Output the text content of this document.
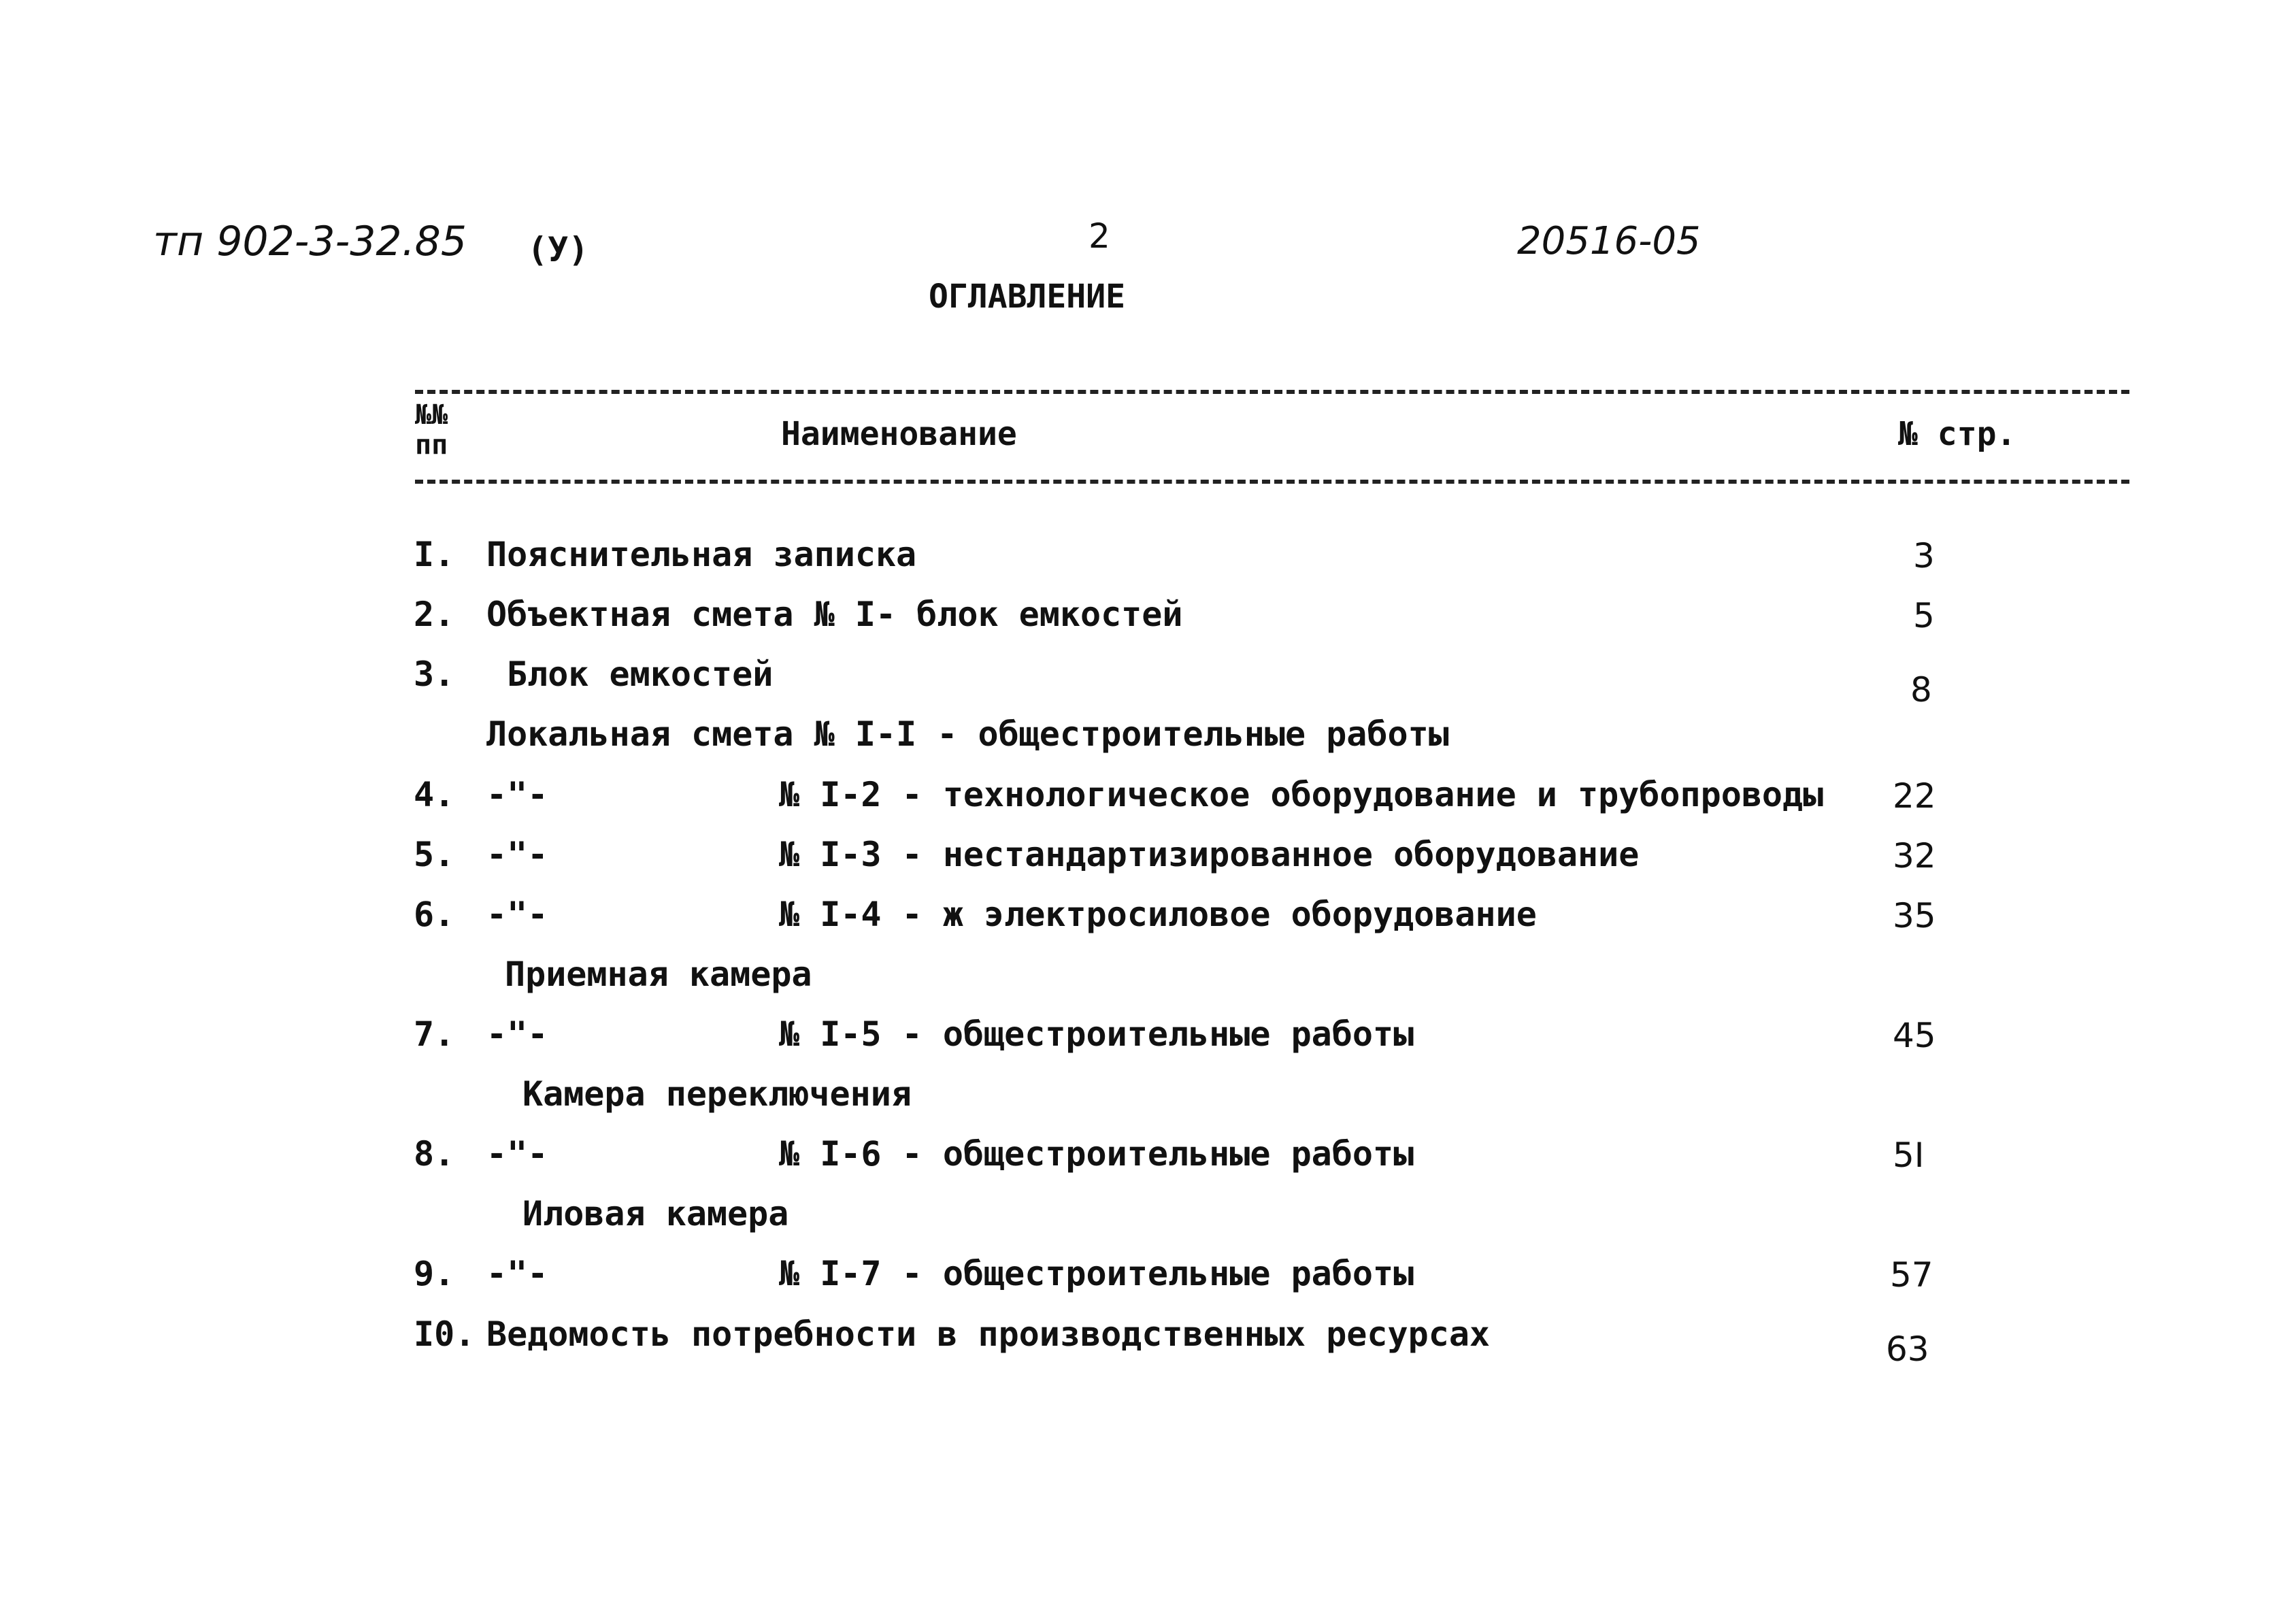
тп 902-3-32.85 (У)	2	20516-05
ОГЛАВЛЕНИЕ
№№
пп	Наименование	№ стр.
I. Пояснительная записка	3
2. Объектная смета № I- блок емкостей	5
3. Блок емкостей	8
Локальная смета № I-I - общестроительные работы
4. -"-	№ I-2 - технологическое оборудование и трубопроводы 22
5. -"-	№ I-3 - нестандартизированное оборудование	32
6. -"-	№ I-4 - ж электросиловое оборудование	35
Приемная камера
7. -"-	№ I-5 - общестроительные работы	45
Камера переключения
8. -"-	№ I-6 - общестроительные работы	5I
Иловая камера
9. -"-	№ I-7 - общестроительные работы	57
I0. Ведомость потребности в производственных ресурсах	63
